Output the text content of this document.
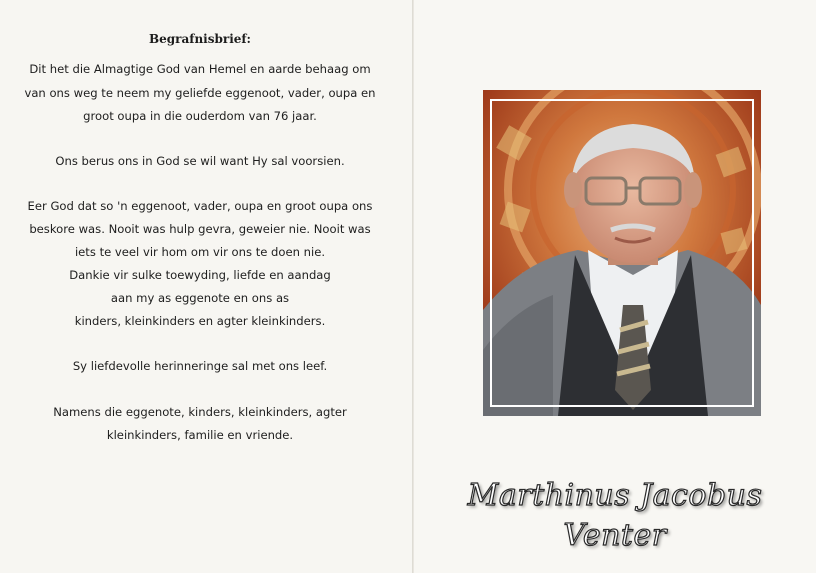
Begrafnisbrief:
Dit het die Almagtige God van Hemel en aarde behaag om
van ons weg te neem my geliefde eggenoot, vader, oupa en
groot oupa in die ouderdom van 76 jaar.
Ons berus ons in God se wil want Hy sal voorsien.
Eer God dat so 'n eggenoot, vader, oupa en groot oupa ons
beskore was. Nooit was hulp gevra, geweier nie. Nooit was
iets te veel vir hom om vir ons te doen nie.
Dankie vir sulke toewyding, liefde en aandag
aan my as eggenote en ons as
kinders, kleinkinders en agter kleinkinders.
Sy liefdevolle herinneringe sal met ons leef.
Namens die eggenote, kinders, kleinkinders, agter
kleinkinders, familie en vriende.
Marthinus Jacobus
Venter
